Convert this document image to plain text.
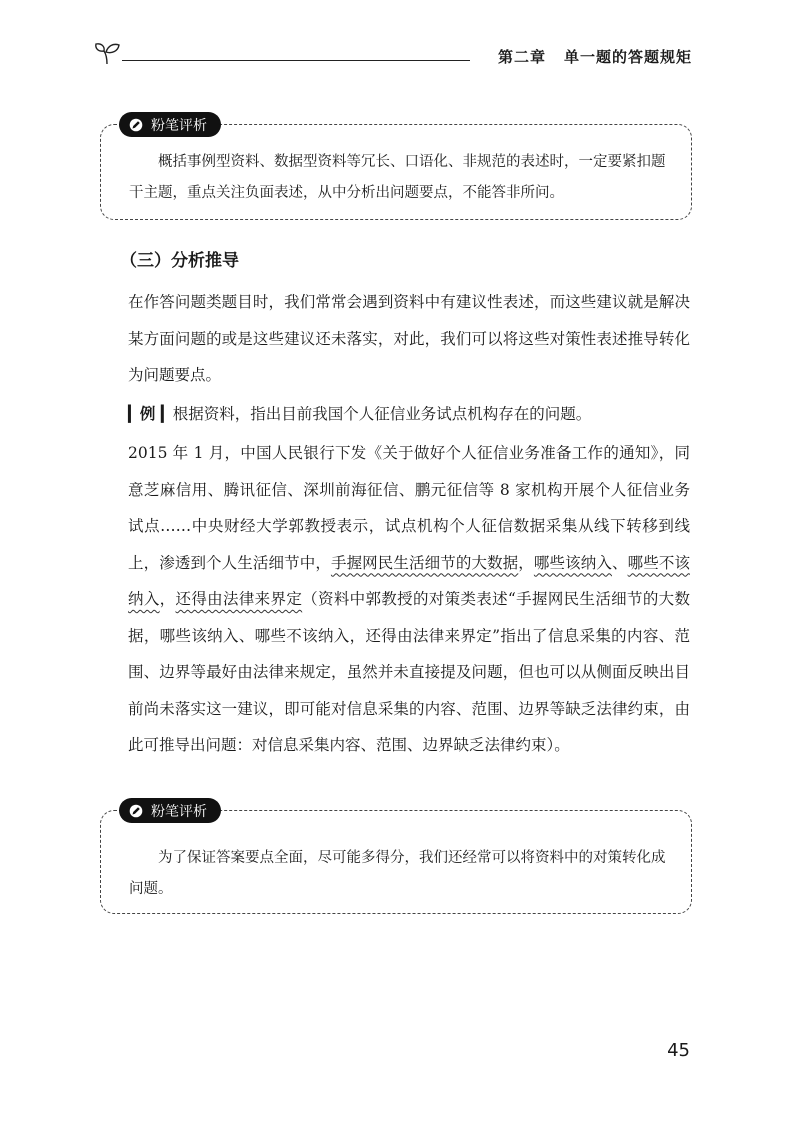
第二章 单一题的答题规矩
粉笔评析
概括事例型资料、数据型资料等冗长、口语化、非规范的表述时，一定要紧扣题干主题，重点关注负面表述，从中分析出问题要点，不能答非所问。
（三）分析推导
在作答问题类题目时，我们常常会遇到资料中有建议性表述，而这些建议就是解决某方面问题的或是这些建议还未落实，对此，我们可以将这些对策性表述推导转化为问题要点。
▎例 ▎根据资料，指出目前我国个人征信业务试点机构存在的问题。
2015 年 1 月，中国人民银行下发《关于做好个人征信业务准备工作的通知》，同意芝麻信用、腾讯征信、深圳前海征信、鹏元征信等 8 家机构开展个人征信业务试点……中央财经大学郭教授表示，试点机构个人征信数据采集从线下转移到线上，渗透到个人生活细节中，手握网民生活细节的大数据，哪些该纳入、哪些不该纳入，还得由法律来界定（资料中郭教授的对策类表述“手握网民生活细节的大数据，哪些该纳入、哪些不该纳入，还得由法律来界定”指出了信息采集的内容、范围、边界等最好由法律来规定，虽然并未直接提及问题，但也可以从侧面反映出目前尚未落实这一建议，即可能对信息采集的内容、范围、边界等缺乏法律约束，由此可推导出问题：对信息采集内容、范围、边界缺乏法律约束）。
粉笔评析
为了保证答案要点全面，尽可能多得分，我们还经常可以将资料中的对策转化成问题。
45
